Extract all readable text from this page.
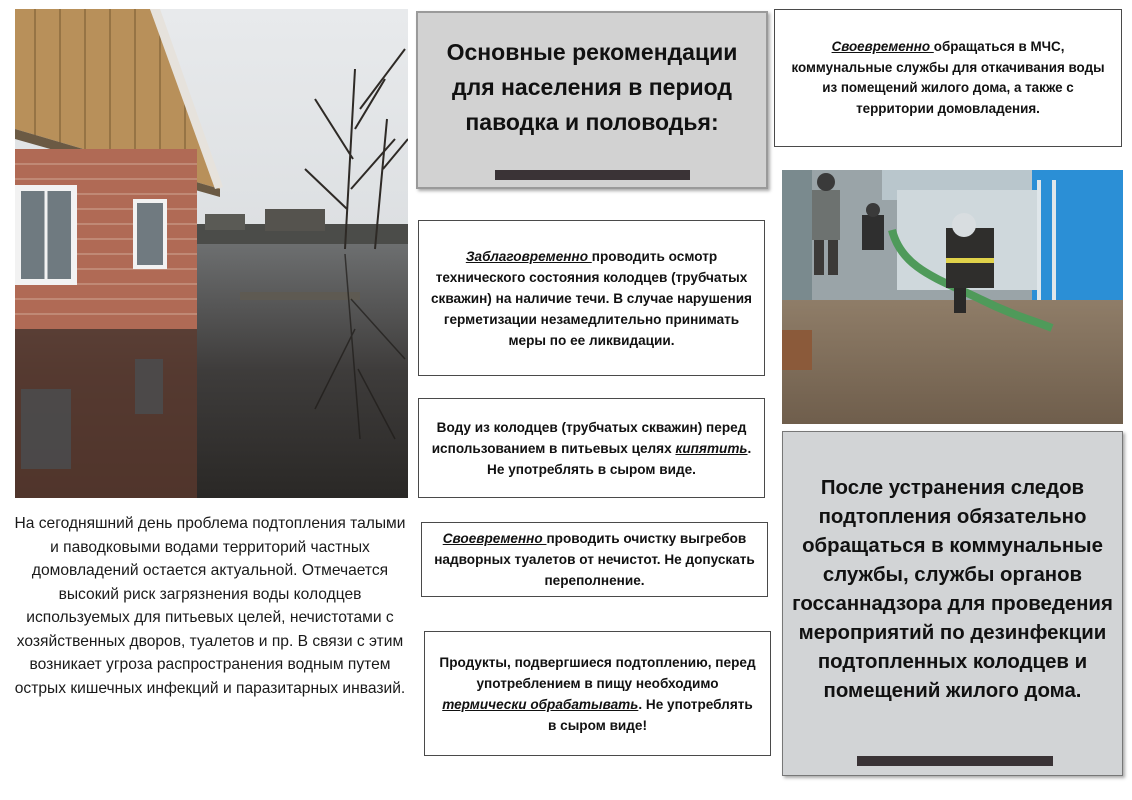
Основные рекомендации
для населения в период
паводка и половодья:
Заблаговременно проводить осмотр технического состояния колодцев (трубчатых скважин) на наличие течи. В случае нарушения герметизации незамедлительно принимать меры по ее ликвидации.
Воду из колодцев (трубчатых скважин) перед использованием в питьевых целях кипятить. Не употреблять в сыром виде.
Своевременно проводить очистку выгребов надворных туалетов от нечистот. Не допускать переполнение.
Продукты, подвергшиеся подтоплению, перед употреблением в пищу необходимо термически обрабатывать. Не употреблять в сыром виде!
Своевременно обращаться в МЧС, коммунальные службы для откачивания воды из помещений жилого дома, а также с территории домовладения.
На сегодняшний день проблема подтопления талыми и паводковыми водами территорий частных домовладений остается актуальной. Отмечается высокий риск загрязнения воды колодцев используемых для питьевых целей, нечистотами с хозяйственных дворов, туалетов и пр. В связи с этим возникает угроза распространения водным путем острых кишечных инфекций и паразитарных инвазий.
После устранения следов подтопления обязательно обращаться в коммунальные службы, службы органов госсаннадзора для проведения мероприятий по дезинфекции подтопленных колодцев и помещений жилого дома.
